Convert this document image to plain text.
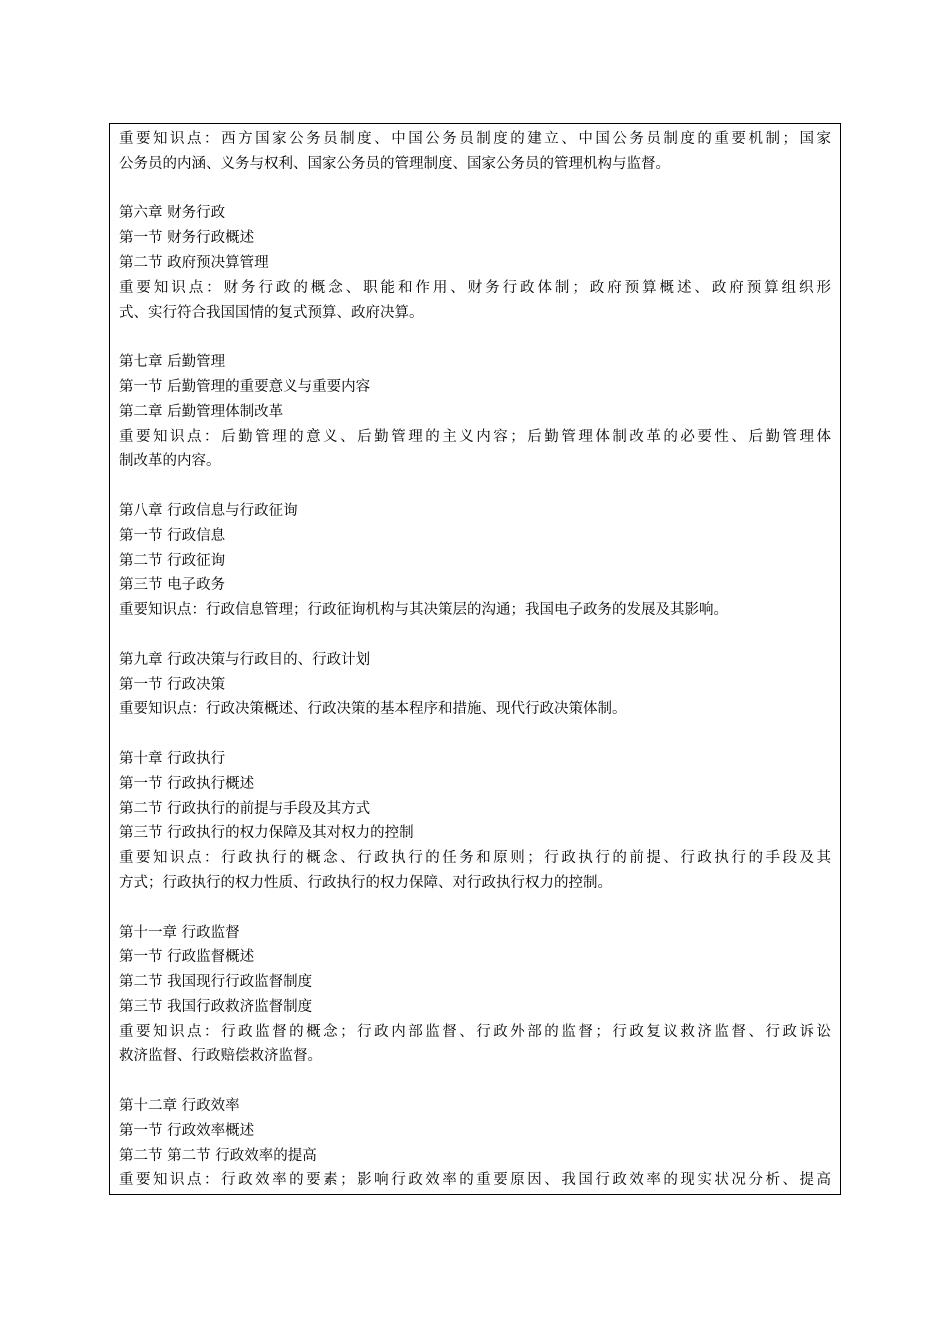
重要知识点：西方国家公务员制度、中国公务员制度的建立、中国公务员制度的重要机制；国家
公务员的内涵、义务与权利、国家公务员的管理制度、国家公务员的管理机构与监督。
第六章 财务行政
第一节 财务行政概述
第二节 政府预决算管理
重要知识点：财务行政的概念、职能和作用、财务行政体制；政府预算概述、政府预算组织形
式、实行符合我国国情的复式预算、政府决算。
第七章 后勤管理
第一节 后勤管理的重要意义与重要内容
第二章 后勤管理体制改革
重要知识点：后勤管理的意义、后勤管理的主义内容；后勤管理体制改革的必要性、后勤管理体
制改革的内容。
第八章 行政信息与行政征询
第一节 行政信息
第二节 行政征询
第三节 电子政务
重要知识点：行政信息管理；行政征询机构与其决策层的沟通；我国电子政务的发展及其影响。
第九章 行政决策与行政目的、行政计划
第一节 行政决策
重要知识点：行政决策概述、行政决策的基本程序和措施、现代行政决策体制。
第十章 行政执行
第一节 行政执行概述
第二节 行政执行的前提与手段及其方式
第三节 行政执行的权力保障及其对权力的控制
重要知识点：行政执行的概念、行政执行的任务和原则；行政执行的前提、行政执行的手段及其
方式；行政执行的权力性质、行政执行的权力保障、对行政执行权力的控制。
第十一章 行政监督
第一节 行政监督概述
第二节 我国现行行政监督制度
第三节 我国行政救济监督制度
重要知识点：行政监督的概念；行政内部监督、行政外部的监督；行政复议救济监督、行政诉讼
救济监督、行政赔偿救济监督。
第十二章 行政效率
第一节 行政效率概述
第二节 第二节 行政效率的提高
重要知识点：行政效率的要素；影响行政效率的重要原因、我国行政效率的现实状况分析、提高
